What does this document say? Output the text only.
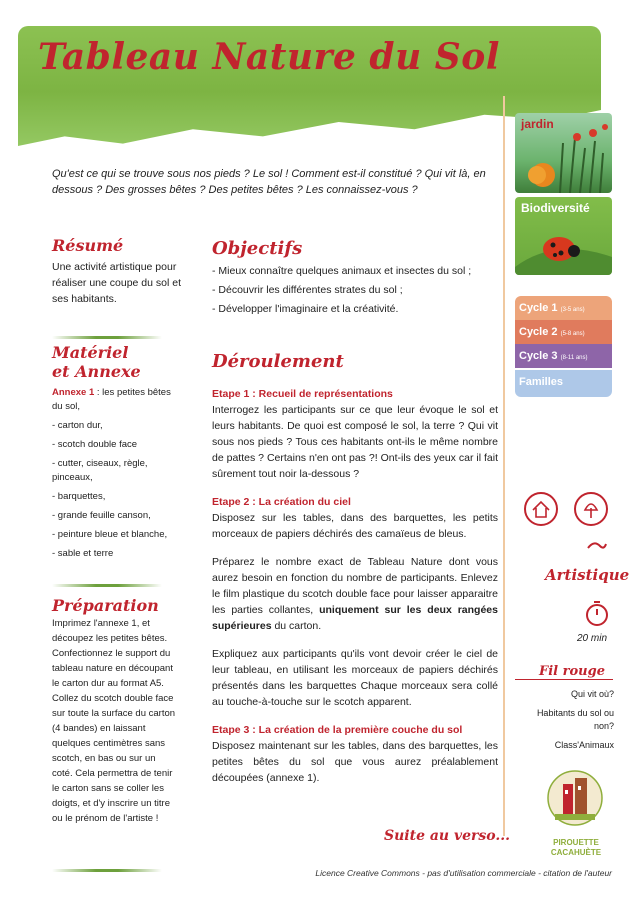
Tableau Nature du Sol
Qu'est ce qui se trouve sous nos pieds ? Le sol ! Comment est-il constitué ? Qui vit là, en dessous ? Des grosses bêtes ? Des petites bêtes ? Les connaissez-vous ?
Résumé
Une activité artistique pour réaliser une coupe du sol et ses habitants.
Matériel
et Annexe
Annexe 1 : les petites bêtes du sol,
- carton dur,
- scotch double face
- cutter, ciseaux, règle, pinceaux,
- barquettes,
- grande feuille canson,
- peinture bleue et blanche,
- sable et terre
Préparation
Imprimez l'annexe 1, et découpez les petites bêtes. Confectionnez le support du tableau nature en découpant le carton dur au format A5. Collez du scotch double face sur toute la surface du carton (4 bandes) en laissant quelques centimètres sans scotch, en bas ou sur un coté. Cela permettra de tenir le carton sans se coller les doigts, et d'y inscrire un titre ou le prénom de l'artiste !
Objectifs
- Mieux connaître quelques animaux et insectes du sol ;
- Découvrir les différentes strates du sol ;
- Développer l'imaginaire et la créativité.
Déroulement
Etape 1 : Recueil de représentations

Interrogez les participants sur ce que leur évoque le sol et leurs habitants. De quoi est composé le sol, la terre ? Qui vit sous nos pieds ? Tous ces habitants ont-ils le même nombre de pattes ? Certains n'en ont pas ?! Ont-ils des yeux car il fait sûrement tout noir la-dessous ?

Etape 2 : La création du ciel

Disposez sur les tables, dans des barquettes, les petits morceaux de papiers déchirés des camaïeus de bleus.

Préparez le nombre exact de Tableau Nature dont vous aurez besoin en fonction du nombre de participants. Enlevez le film plastique du scotch double face pour laisser apparaitre les parties collantes, uniquement sur les deux rangées supérieures du carton.

Expliquez aux participants qu'ils vont devoir créer le ciel de leur tableau, en utilisant les morceaux de papiers déchirés présentés dans les barquettes Chaque morceaux sera collé au touche-à-touche sur le scotch apparent.

Etape 3 : La création de la première couche du sol

Disposez maintenant sur les tables, dans des barquettes, les petites bêtes du sol que vous aurez préalablement découpées (annexe 1).

Suite au verso...
Licence Creative Commons - pas d'utilisation commerciale - citation de l'auteur
jardin
Biodiversité
Cycle 1 (3-5 ans)
Cycle 2 (5-8 ans)
Cycle 3 (8-11 ans)
Familles
Artistique
20 min
Fil rouge
Qui vit où?
Habitants du sol ou non?
Class'Animaux
PIROUETTE CACAHUÈTE
